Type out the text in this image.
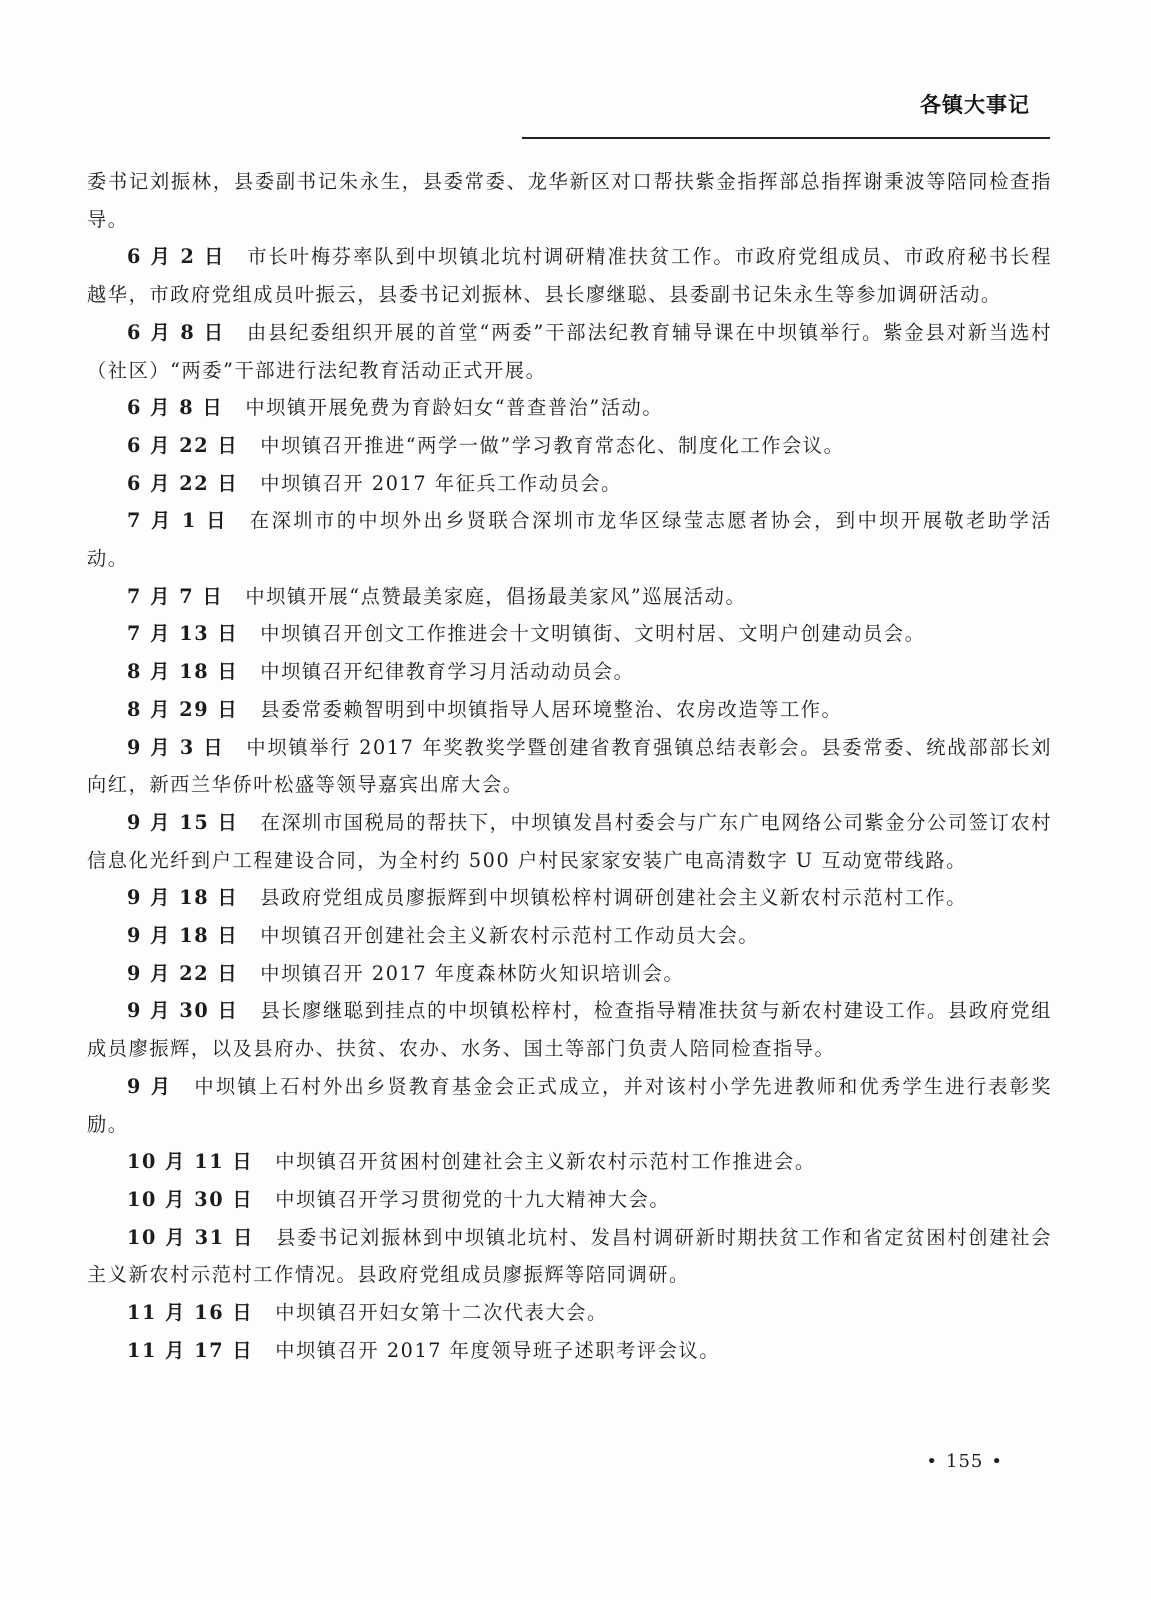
各镇大事记

委书记刘振林，县委副书记朱永生，县委常委、龙华新区对口帮扶紫金指挥部总指挥谢秉波等陪同检查指导。

6 月 2 日 市长叶梅芬率队到中坝镇北坑村调研精准扶贫工作。市政府党组成员、市政府秘书长程越华，市政府党组成员叶振云，县委书记刘振林、县长廖继聪、县委副书记朱永生等参加调研活动。

6 月 8 日 由县纪委组织开展的首堂“两委”干部法纪教育辅导课在中坝镇举行。紫金县对新当选村（社区）“两委”干部进行法纪教育活动正式开展。

6 月 8 日 中坝镇开展免费为育龄妇女“普查普治”活动。

6 月 22 日 中坝镇召开推进“两学一做”学习教育常态化、制度化工作会议。

6 月 22 日 中坝镇召开 2017 年征兵工作动员会。

7 月 1 日 在深圳市的中坝外出乡贤联合深圳市龙华区绿莹志愿者协会，到中坝开展敬老助学活动。

7 月 7 日 中坝镇开展“点赞最美家庭，倡扬最美家风”巡展活动。

7 月 13 日 中坝镇召开创文工作推进会十文明镇街、文明村居、文明户创建动员会。

8 月 18 日 中坝镇召开纪律教育学习月活动动员会。

8 月 29 日 县委常委赖智明到中坝镇指导人居环境整治、农房改造等工作。

9 月 3 日 中坝镇举行 2017 年奖教奖学暨创建省教育强镇总结表彰会。县委常委、统战部部长刘向红，新西兰华侨叶松盛等领导嘉宾出席大会。

9 月 15 日 在深圳市国税局的帮扶下，中坝镇发昌村委会与广东广电网络公司紫金分公司签订农村信息化光纤到户工程建设合同，为全村约 500 户村民家家安装广电高清数字 U 互动宽带线路。

9 月 18 日 县政府党组成员廖振辉到中坝镇松梓村调研创建社会主义新农村示范村工作。

9 月 18 日 中坝镇召开创建社会主义新农村示范村工作动员大会。

9 月 22 日 中坝镇召开 2017 年度森林防火知识培训会。

9 月 30 日 县长廖继聪到挂点的中坝镇松梓村，检查指导精准扶贫与新农村建设工作。县政府党组成员廖振辉，以及县府办、扶贫、农办、水务、国土等部门负责人陪同检查指导。

9 月 中坝镇上石村外出乡贤教育基金会正式成立，并对该村小学先进教师和优秀学生进行表彰奖励。

10 月 11 日 中坝镇召开贫困村创建社会主义新农村示范村工作推进会。

10 月 30 日 中坝镇召开学习贯彻党的十九大精神大会。

10 月 31 日 县委书记刘振林到中坝镇北坑村、发昌村调研新时期扶贫工作和省定贫困村创建社会主义新农村示范村工作情况。县政府党组成员廖振辉等陪同调研。

11 月 16 日 中坝镇召开妇女第十二次代表大会。

11 月 17 日 中坝镇召开 2017 年度领导班子述职考评会议。

• 155 •
